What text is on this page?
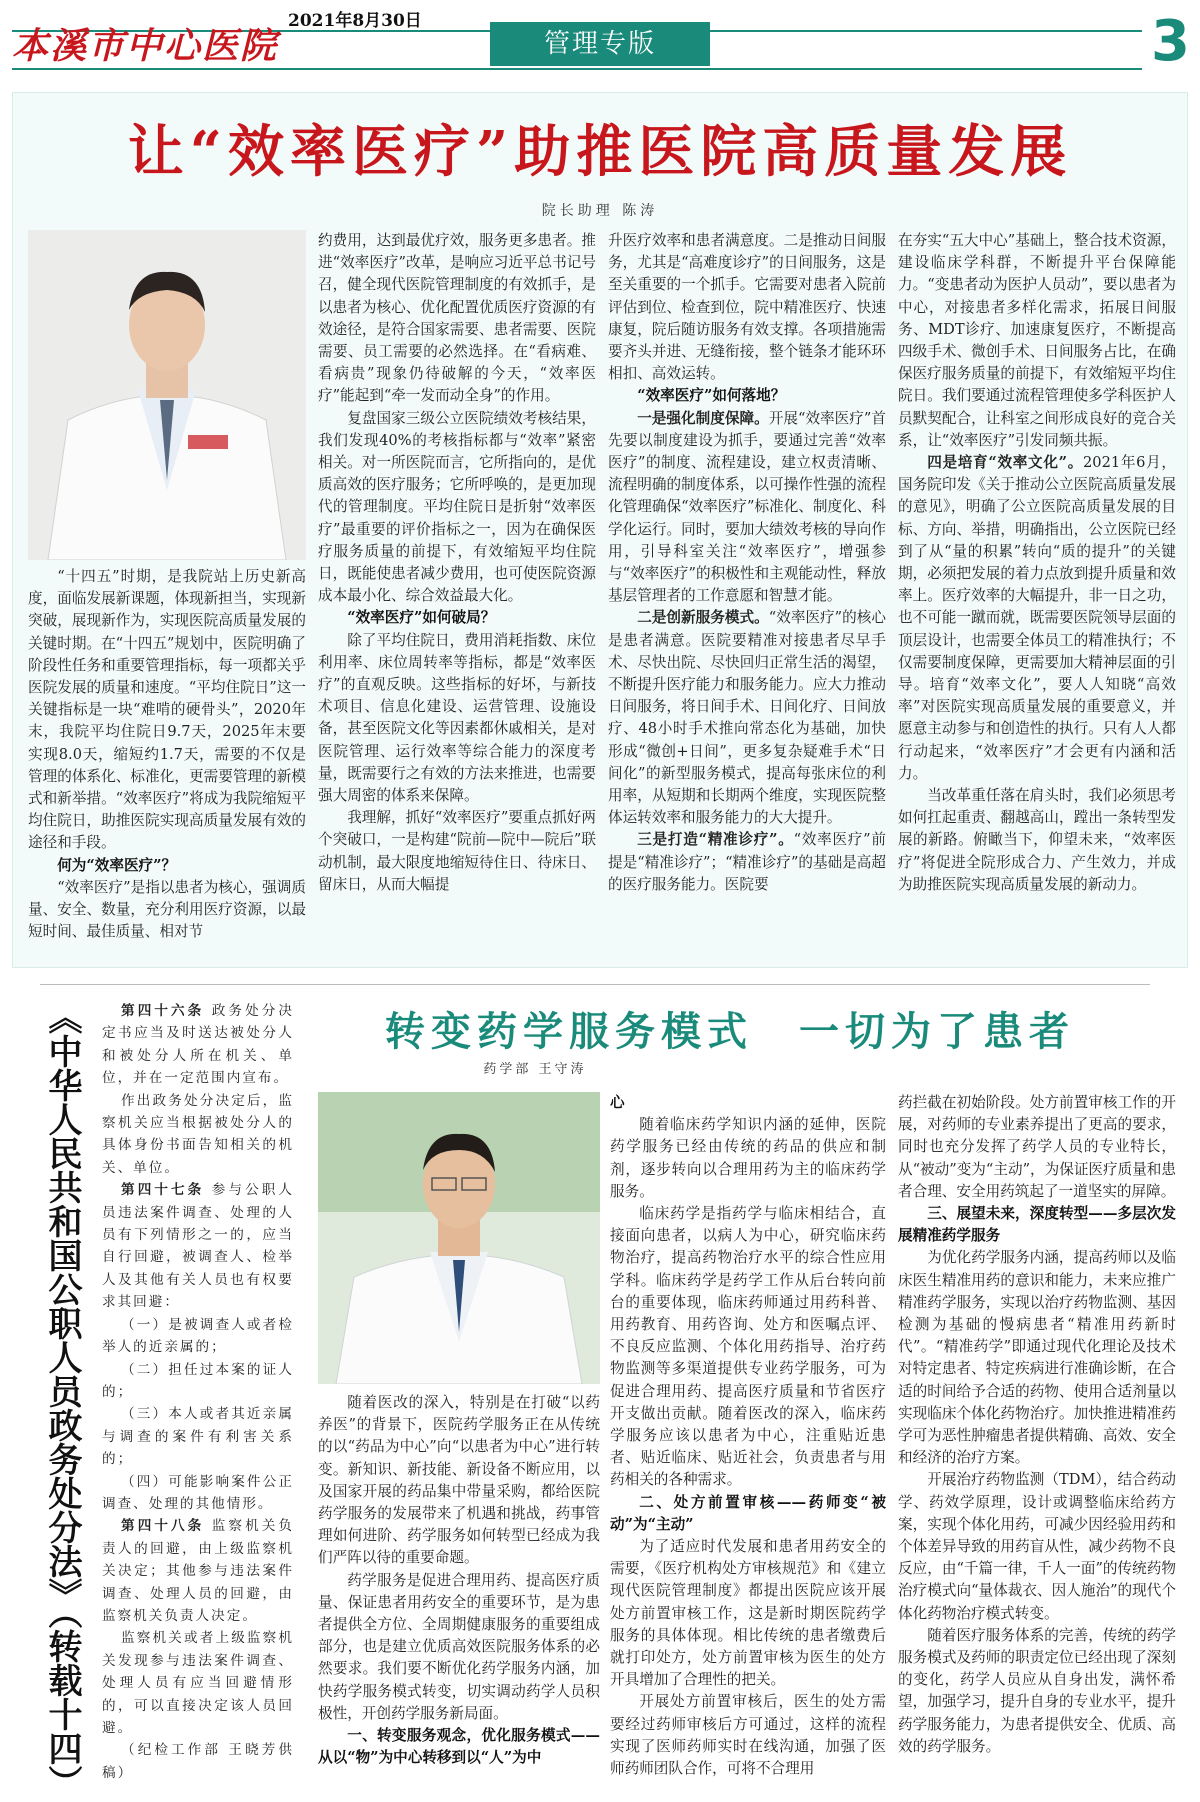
本溪市中心医院
2021年8月30日
管理专版	3
让“效率医疗”助推医院高质量发展
院长助理 陈涛

“十四五”时期，是我院站上历史新高度，面临发展新课题，体现新担当，实现新突破，展现新作为，实现医院高质量发展的关键时期。在“十四五”规划中，医院明确了阶段性任务和重要管理指标，每一项都关乎医院发展的质量和速度。“平均住院日”这一关键指标是一块“难啃的硬骨头”，2020年末，我院平均住院日9.7天，2025年末要实现8.0天，缩短约1.7天，需要的不仅是管理的体系化、标准化，更需要管理的新模式和新举措。“效率医疗”将成为我院缩短平均住院日，助推医院实现高质量发展有效的途径和手段。

何为“效率医疗”？

“效率医疗”是指以患者为核心，强调质量、安全、数量，充分利用医疗资源，以最短时间、最佳质量、相对节

约费用，达到最优疗效，服务更多患者。推进“效率医疗”改革，是响应习近平总书记号召，健全现代医院管理制度的有效抓手，是以患者为核心、优化配置优质医疗资源的有效途径，是符合国家需要、患者需要、医院需要、员工需要的必然选择。在“看病难、看病贵”现象仍待破解的今天，“效率医疗”能起到“牵一发而动全身”的作用。

复盘国家三级公立医院绩效考核结果，我们发现40%的考核指标都与“效率”紧密相关。对一所医院而言，它所指向的，是优质高效的医疗服务；它所呼唤的，是更加现代的管理制度。平均住院日是折射“效率医疗”最重要的评价指标之一，因为在确保医疗服务质量的前提下，有效缩短平均住院日，既能使患者减少费用，也可使医院资源成本最小化、综合效益最大化。

“效率医疗”如何破局？

除了平均住院日，费用消耗指数、床位利用率、床位周转率等指标，都是“效率医疗”的直观反映。这些指标的好坏，与新技术项目、信息化建设、运营管理、设施设备，甚至医院文化等因素都休戚相关，是对医院管理、运行效率等综合能力的深度考量，既需要行之有效的方法来推进，也需要强大周密的体系来保障。

我理解，抓好“效率医疗”要重点抓好两个突破口，一是构建“院前—院中—院后”联动机制，最大限度地缩短待住日、待床日、留床日，从而大幅提

升医疗效率和患者满意度。二是推动日间服务，尤其是“高难度诊疗”的日间服务，这是至关重要的一个抓手。它需要对患者入院前评估到位、检查到位，院中精准医疗、快速康复，院后随访服务有效支撑。各项措施需要齐头并进、无缝衔接，整个链条才能环环相扣、高效运转。

“效率医疗”如何落地？

一是强化制度保障。开展“效率医疗”首先要以制度建设为抓手，要通过完善“效率医疗”的制度、流程建设，建立权责清晰、流程明确的制度体系，以可操作性强的流程化管理确保“效率医疗”标准化、制度化、科学化运行。同时，要加大绩效考核的导向作用，引导科室关注“效率医疗”，增强参与“效率医疗”的积极性和主观能动性，释放基层管理者的工作意愿和智慧才能。

二是创新服务模式。“效率医疗”的核心是患者满意。医院要精准对接患者尽早手术、尽快出院、尽快回归正常生活的渴望，不断提升医疗能力和服务能力。应大力推动日间服务，将日间手术、日间化疗、日间放疗、48小时手术推向常态化为基础，加快形成“微创+日间”，更多复杂疑难手术“日间化”的新型服务模式，提高每张床位的利用率，从短期和长期两个维度，实现医院整体运转效率和服务能力的大大提升。

三是打造“精准诊疗”。“效率医疗”前提是“精准诊疗”；“精准诊疗”的基础是高超的医疗服务能力。医院要

在夯实“五大中心”基础上，整合技术资源，建设临床学科群，不断提升平台保障能力。“变患者动为医护人员动”，要以患者为中心，对接患者多样化需求，拓展日间服务、MDT诊疗、加速康复医疗，不断提高四级手术、微创手术、日间服务占比，在确保医疗服务质量的前提下，有效缩短平均住院日。我们要通过流程管理使多学科医护人员默契配合，让科室之间形成良好的竞合关系，让“效率医疗”引发同频共振。

四是培育“效率文化”。2021年6月，国务院印发《关于推动公立医院高质量发展的意见》，明确了公立医院高质量发展的目标、方向、举措，明确指出，公立医院已经到了从“量的积累”转向“质的提升”的关键期，必须把发展的着力点放到提升质量和效率上。医疗效率的大幅提升，非一日之功，也不可能一蹴而就，既需要医院领导层面的顶层设计，也需要全体员工的精准执行；不仅需要制度保障，更需要加大精神层面的引导。培育“效率文化”，要人人知晓“高效率”对医院实现高质量发展的重要意义，并愿意主动参与和创造性的执行。只有人人都行动起来，“效率医疗”才会更有内涵和活力。

当改革重任落在肩头时，我们必须思考如何扛起重责、翻越高山，蹚出一条转型发展的新路。俯瞰当下，仰望未来，“效率医疗”将促进全院形成合力、产生效力，并成为助推医院实现高质量发展的新动力。

《中华人民共和国公职人员政务处分法》（转载十四）	第四十六条 政务处分决定书应当及时送达被处分人和被处分人所在机关、单位，并在一定范围内宣布。

作出政务处分决定后，监察机关应当根据被处分人的具体身份书面告知相关的机关、单位。

第四十七条 参与公职人员违法案件调查、处理的人员有下列情形之一的，应当自行回避，被调查人、检举人及其他有关人员也有权要求其回避：

（一）是被调查人或者检举人的近亲属的；

（二）担任过本案的证人的；

（三）本人或者其近亲属与调查的案件有利害关系的；

（四）可能影响案件公正调查、处理的其他情形。

第四十八条 监察机关负责人的回避，由上级监察机关决定；其他参与违法案件调查、处理人员的回避，由监察机关负责人决定。

监察机关或者上级监察机关发现参与违法案件调查、处理人员有应当回避情形的，可以直接决定该人员回避。

（纪检工作部 王晓芳供稿）

转变药学服务模式　一切为了患者
药学部 王守涛

随着医改的深入，特别是在打破“以药养医”的背景下，医院药学服务正在从传统的以“药品为中心”向“以患者为中心”进行转变。新知识、新技能、新设备不断应用，以及国家开展的药品集中带量采购，都给医院药学服务的发展带来了机遇和挑战，药事管理如何进阶、药学服务如何转型已经成为我们严阵以待的重要命题。

药学服务是促进合理用药、提高医疗质量、保证患者用药安全的重要环节，是为患者提供全方位、全周期健康服务的重要组成部分，也是建立优质高效医院服务体系的必然要求。我们要不断优化药学服务内涵，加快药学服务模式转变，切实调动药学人员积极性，开创药学服务新局面。

一、转变服务观念，优化服务模式——从以“物”为中心转移到以“人”为中
心

随着临床药学知识内涵的延伸，医院药学服务已经由传统的药品的供应和制剂，逐步转向以合理用药为主的临床药学服务。

临床药学是指药学与临床相结合，直接面向患者，以病人为中心，研究临床药物治疗，提高药物治疗水平的综合性应用学科。临床药学是药学工作从后台转向前台的重要体现，临床药师通过用药科普、用药教育、用药咨询、处方和医嘱点评、不良反应监测、个体化用药指导、治疗药物监测等多渠道提供专业药学服务，可为促进合理用药、提高医疗质量和节省医疗开支做出贡献。随着医改的深入，临床药学服务应该以患者为中心，注重贴近患者、贴近临床、贴近社会，负责患者与用药相关的各种需求。

二、处方前置审核——药师变“被动”为“主动”

为了适应时代发展和患者用药安全的需要，《医疗机构处方审核规范》和《建立现代医院管理制度》都提出医院应该开展处方前置审核工作，这是新时期医院药学服务的具体体现。相比传统的患者缴费后就打印处方，处方前置审核为医生的处方开具增加了合理性的把关。

开展处方前置审核后，医生的处方需要经过药师审核后方可通过，这样的流程实现了医师药师实时在线沟通，加强了医师药师团队合作，可将不合理用

药拦截在初始阶段。处方前置审核工作的开展，对药师的专业素养提出了更高的要求，同时也充分发挥了药学人员的专业特长，从“被动”变为“主动”，为保证医疗质量和患者合理、安全用药筑起了一道坚实的屏障。

三、展望未来，深度转型——多层次发展精准药学服务

为优化药学服务内涵，提高药师以及临床医生精准用药的意识和能力，未来应推广精准药学服务，实现以治疗药物监测、基因检测为基础的慢病患者“精准用药新时代”。“精准药学”即通过现代化理论及技术对特定患者、特定疾病进行准确诊断，在合适的时间给予合适的药物、使用合适剂量以实现临床个体化药物治疗。加快推进精准药学可为恶性肿瘤患者提供精确、高效、安全和经济的治疗方案。

开展治疗药物监测（TDM），结合药动学、药效学原理，设计或调整临床给药方案，实现个体化用药，可减少因经验用药和个体差异导致的用药盲从性，减少药物不良反应，由“千篇一律，千人一面”的传统药物治疗模式向“量体裁衣、因人施治”的现代个体化药物治疗模式转变。

随着医疗服务体系的完善，传统的药学服务模式及药师的职责定位已经出现了深刻的变化，药学人员应从自身出发，满怀希望，加强学习，提升自身的专业水平，提升药学服务能力，为患者提供安全、优质、高效的药学服务。
